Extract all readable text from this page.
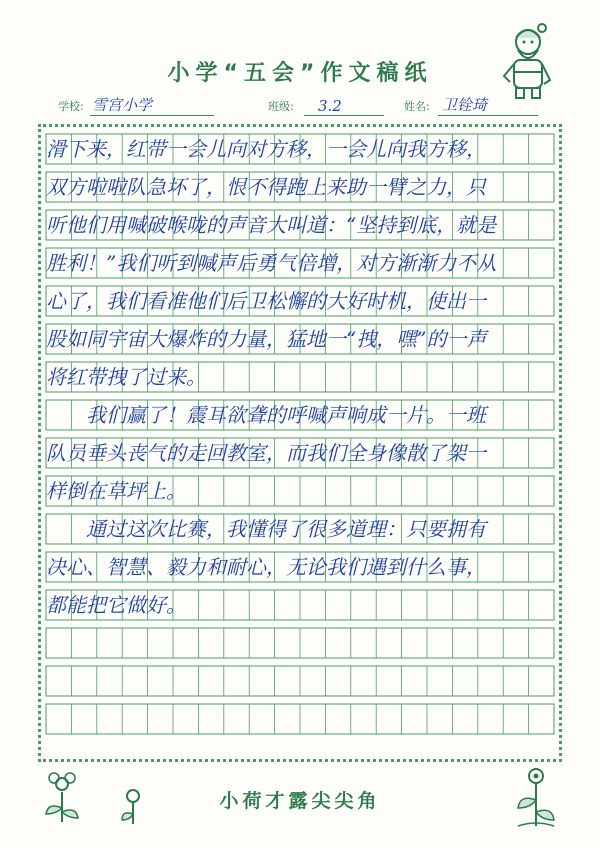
小学“五会”作文稿纸
学校: 雪宫小学	班级: 3.2	姓名: 卫铨琦
滑下来，红带一会儿向对方移，一会儿向我方移，
双方啦啦队急坏了，恨不得跑上来助一臂之力，只
听他们用喊破喉咙的声音大叫道：“坚持到底，就是
胜利！”我们听到喊声后勇气倍增，对方渐渐力不从
心了，我们看准他们后卫松懈的大好时机，使出一
股如同宇宙大爆炸的力量，猛地一“拽，嘿”的一声
将红带拽了过来。
　　我们赢了！震耳欲聋的呼喊声响成一片。一班
队员垂头丧气的走回教室，而我们全身像散了架一
样倒在草坪上。
　　通过这次比赛，我懂得了很多道理：只要拥有
决心、智慧、毅力和耐心，无论我们遇到什么事，
都能把它做好。
小荷才露尖尖角
